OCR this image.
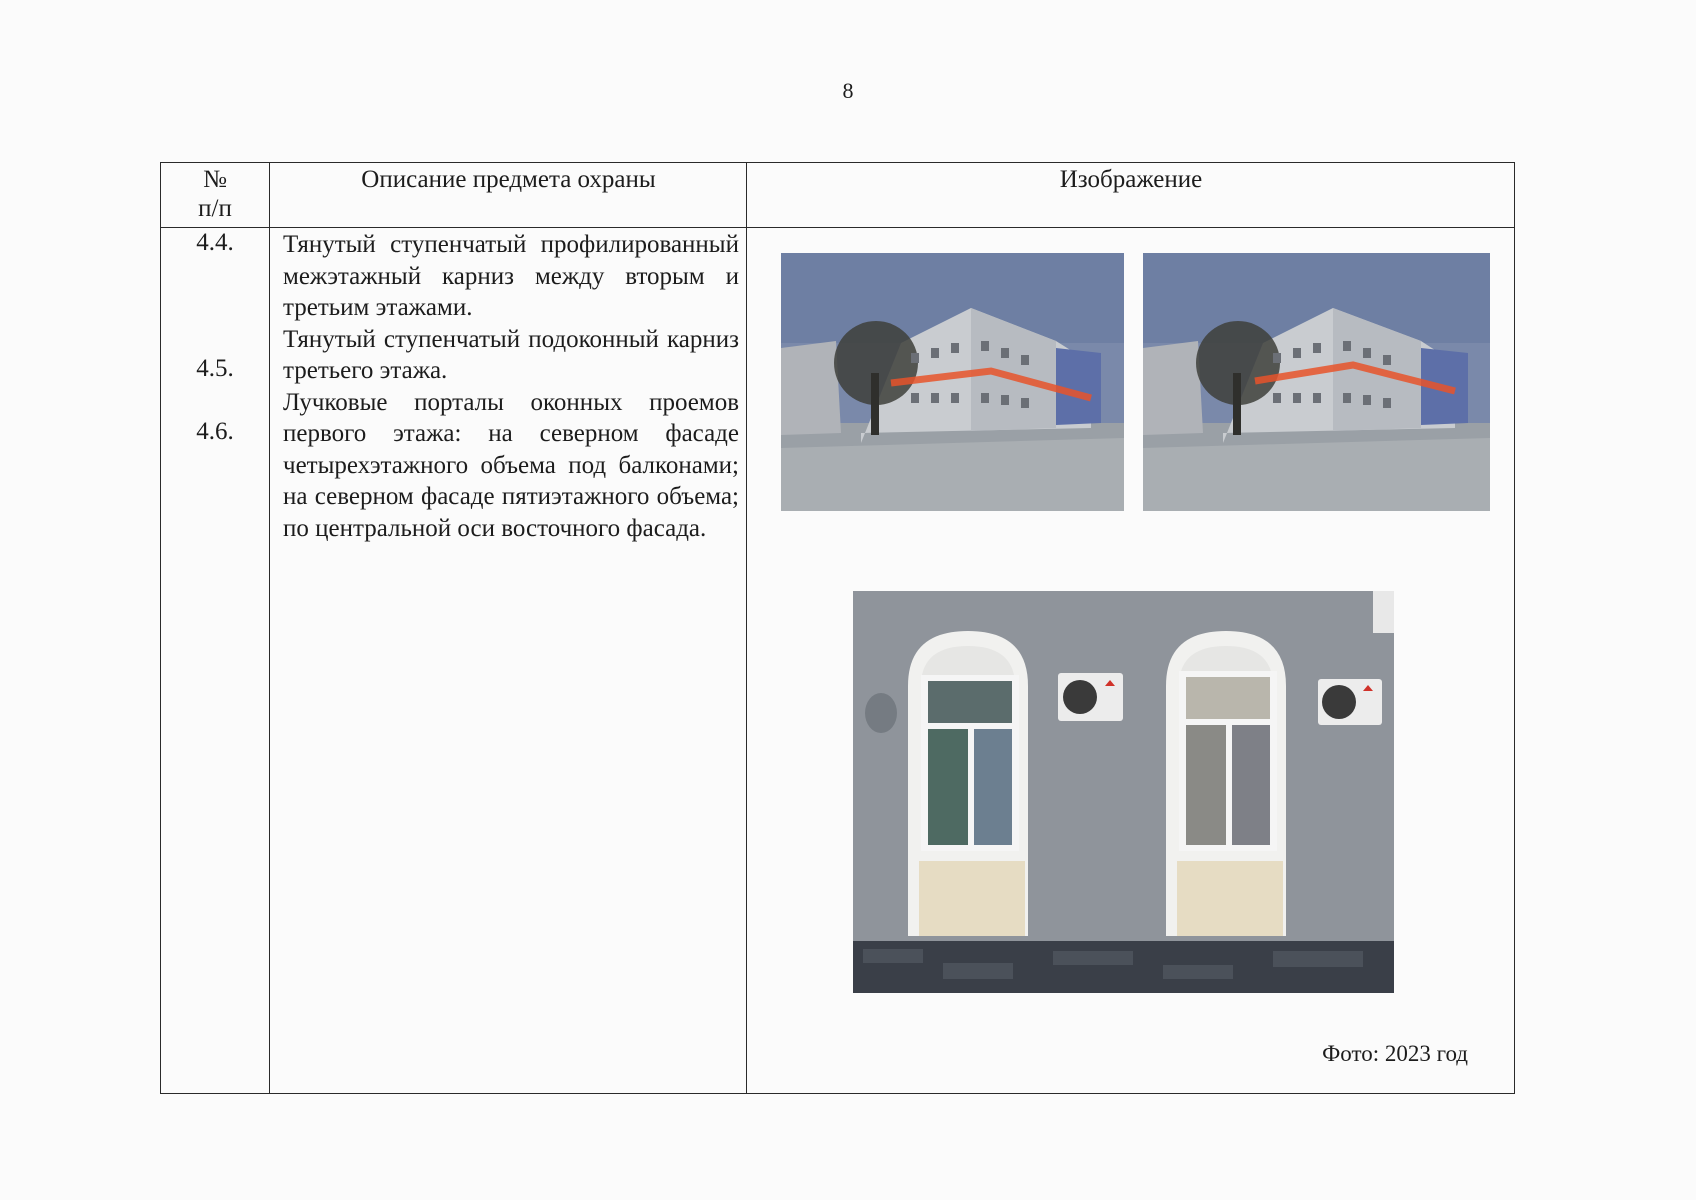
8
№
п/п
Описание предмета охраны	Изображение
4.4.
4.5.
4.6.

Тянутый ступенчатый профилированный межэтажный карниз между вторым и третьим этажами.

Тянутый ступенчатый подоконный карниз третьего этажа.

Лучковые порталы оконных проемов первого этажа: на северном фасаде четырехэтажного объема под балконами; на северном фасаде пятиэтажного объема; по центральной оси восточного фасада.

Фото: 2023 год
